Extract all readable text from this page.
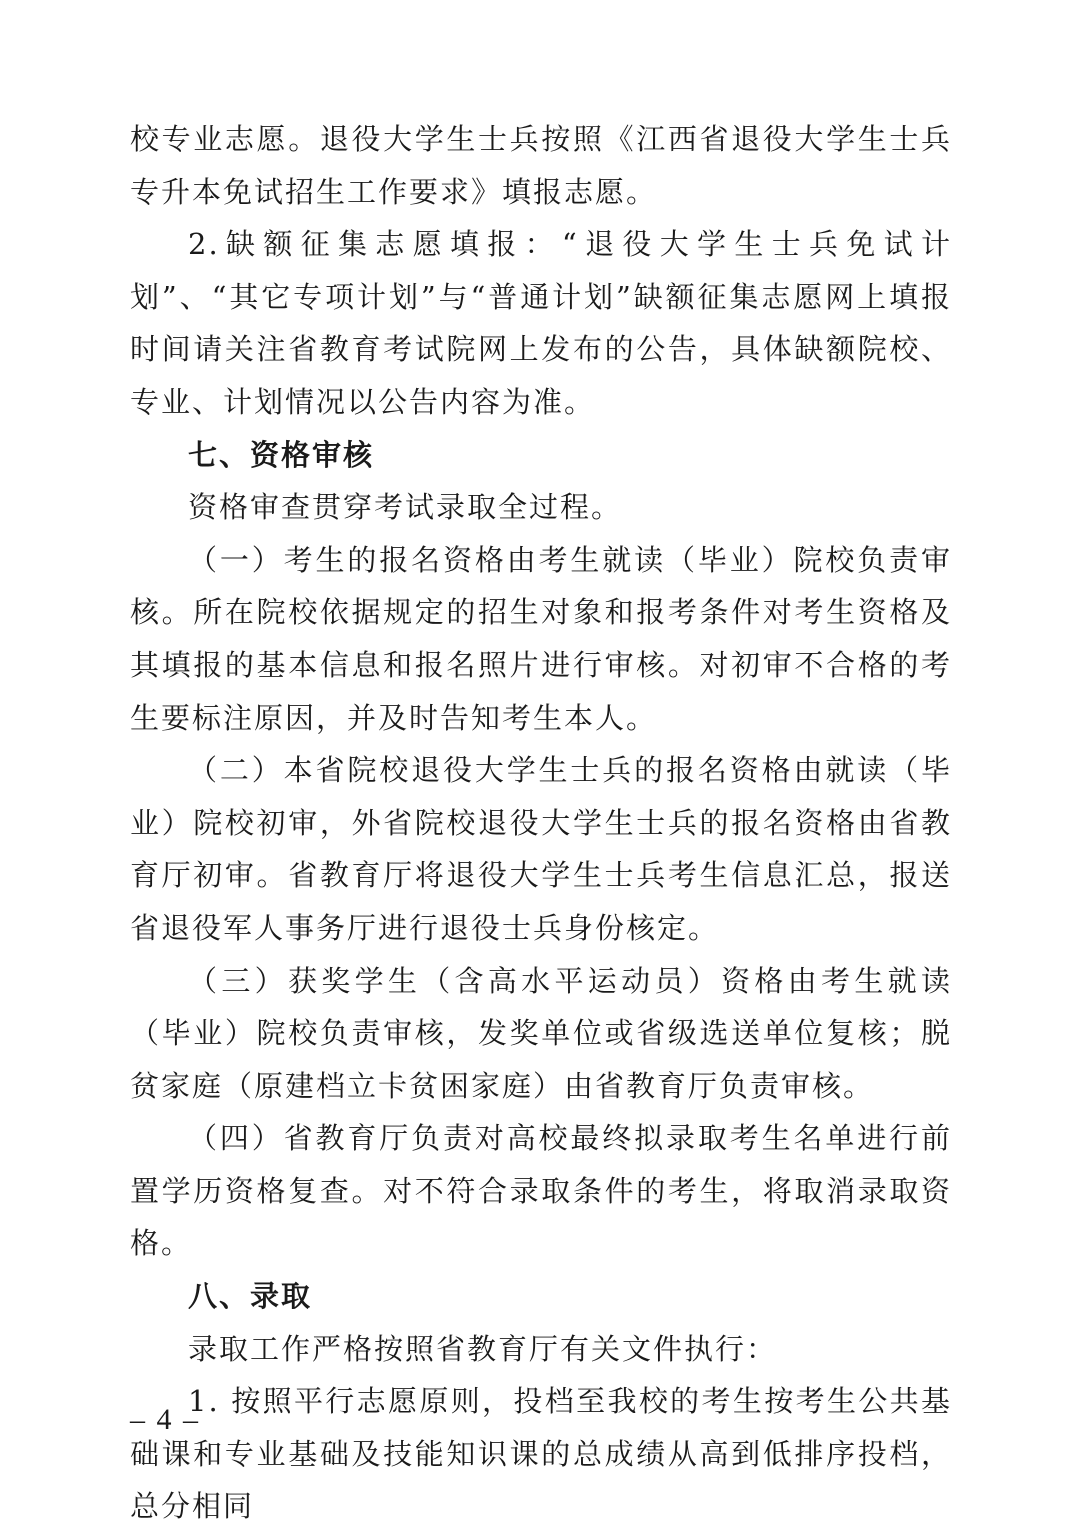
校专业志愿。退役大学生士兵按照《江西省退役大学生士兵专升本免试招生工作要求》填报志愿。

2.缺额征集志愿填报：“退役大学生士兵免试计划”、“其它专项计划”与“普通计划”缺额征集志愿网上填报时间请关注省教育考试院网上发布的公告，具体缺额院校、专业、计划情况以公告内容为准。

七、资格审核

资格审查贯穿考试录取全过程。

（一）考生的报名资格由考生就读（毕业）院校负责审核。所在院校依据规定的招生对象和报考条件对考生资格及其填报的基本信息和报名照片进行审核。对初审不合格的考生要标注原因，并及时告知考生本人。

（二）本省院校退役大学生士兵的报名资格由就读（毕业）院校初审，外省院校退役大学生士兵的报名资格由省教育厅初审。省教育厅将退役大学生士兵考生信息汇总，报送省退役军人事务厅进行退役士兵身份核定。

（三）获奖学生（含高水平运动员）资格由考生就读（毕业）院校负责审核，发奖单位或省级选送单位复核；脱贫家庭（原建档立卡贫困家庭）由省教育厅负责审核。

（四）省教育厅负责对高校最终拟录取考生名单进行前置学历资格复查。对不符合录取条件的考生，将取消录取资格。

八、录取

录取工作严格按照省教育厅有关文件执行：

1. 按照平行志愿原则，投档至我校的考生按考生公共基础课和专业基础及技能知识课的总成绩从高到低排序投档，总分相同

– 4 –
